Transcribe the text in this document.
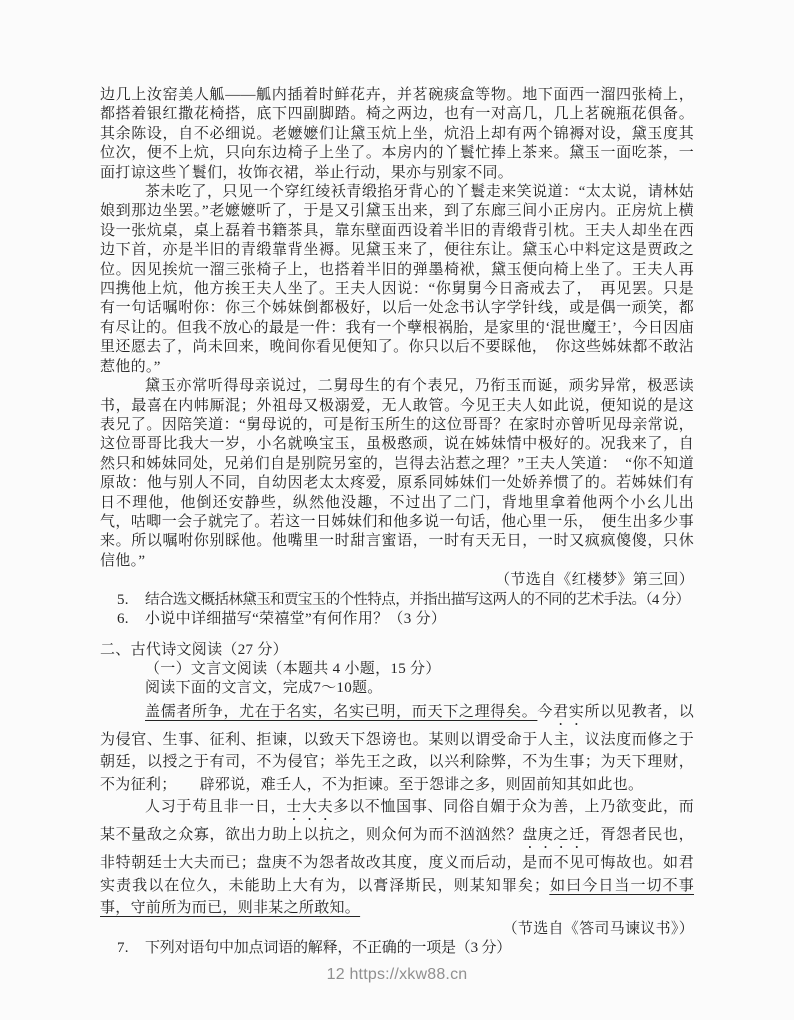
边几上汝窑美人觚——觚内插着时鲜花卉，并茗碗痰盒等物。地下面西一溜四张椅上，都搭着银红撒花椅搭，底下四副脚踏。椅之两边，也有一对高几，几上茗碗瓶花俱备。其余陈设，自不必细说。老嬷嬷们让黛玉炕上坐，炕沿上却有两个锦褥对设，黛玉度其位次，便不上炕，只向东边椅子上坐了。本房内的丫鬟忙捧上茶来。黛玉一面吃茶，一面打谅这些丫鬟们，妆饰衣裙，举止行动，果亦与别家不同。

茶未吃了，只见一个穿红绫袄青缎掐牙背心的丫鬟走来笑说道：“太太说，请林姑娘到那边坐罢。”老嬷嬷听了，于是又引黛玉出来，到了东廊三间小正房内。正房炕上横设一张炕桌，桌上磊着书籍茶具，靠东壁面西设着半旧的青缎背引枕。王夫人却坐在西边下首，亦是半旧的青缎靠背坐褥。见黛玉来了，便往东让。黛玉心中料定这是贾政之位。因见挨炕一溜三张椅子上，也搭着半旧的弹墨椅袱，黛玉便向椅上坐了。王夫人再四携他上炕，他方挨王夫人坐了。王夫人因说：“你舅舅今日斋戒去了，　再见罢。只是有一句话嘱咐你：你三个姊妹倒都极好，以后一处念书认字学针线，或是偶一顽笑，都有尽让的。但我不放心的最是一件：我有一个孽根祸胎，是家里的‘混世魔王’，今日因庙里还愿去了，尚未回来，晚间你看见便知了。你只以后不要睬他，　你这些姊妹都不敢沾惹他的。”

黛玉亦常听得母亲说过，二舅母生的有个表兄，乃衔玉而诞，顽劣异常，极恶读书，最喜在内帏厮混；外祖母又极溺爱，无人敢管。今见王夫人如此说，便知说的是这表兄了。因陪笑道：“舅母说的，可是衔玉所生的这位哥哥？在家时亦曾听见母亲常说，这位哥哥比我大一岁，小名就唤宝玉，虽极憨顽，说在姊妹情中极好的。况我来了，自然只和姊妹同处，兄弟们自是别院另室的，岂得去沾惹之理？”王夫人笑道：　“你不知道原故：他与别人不同，自幼因老太太疼爱，原系同姊妹们一处娇养惯了的。若姊妹们有日不理他，他倒还安静些，纵然他没趣，不过出了二门，背地里拿着他两个小幺儿出气，咕唧一会子就完了。若这一日姊妹们和他多说一句话，他心里一乐，　便生出多少事来。所以嘱咐你别睬他。他嘴里一时甜言蜜语，一时有天无日，一时又疯疯傻傻，只休信他。”

（节选自《红楼梦》第三回）

5.	结合选文概括林黛玉和贾宝玉的个性特点，并指出描写这两人的不同的艺术手法。（4 分）
6.	小说中详细描写“荣禧堂”有何作用？（3 分）

二、古代诗文阅读（27 分）

（一）文言文阅读（本题共 4 小题，15 分）

阅读下面的文言文，完成7～10题。

盖儒者所争，尤在于名实，名实已明，而天下之理得矣。今君实所以见教者，以为侵官、生事、征利、拒谏，以致天下怨谤也。某则以谓受命于人主，议法度而修之于朝廷，以授之于有司，不为侵官；举先王之政，以兴利除弊，不为生事；为天下理财，不为征利；　　辟邪说，难壬人，不为拒谏。至于怨诽之多，则固前知其如此也。

人习于苟且非一日，士大夫多以不恤国事、同俗自媚于众为善，上乃欲变此，而某不量敌之众寡，欲出力助上以抗之，则众何为而不汹汹然？盘庚之迁，胥怨者民也，非特朝廷士大夫而已；盘庚不为怨者故改其度，度义而后动，是而不见可悔故也。如君实责我以在位久，未能助上大有为，以膏泽斯民，则某知罪矣；如曰今日当一切不事事，守前所为而已，则非某之所敢知。

（节选自《答司马谏议书》）

7.	下列对语句中加点词语的解释，不正确的一项是（3 分）
12 https://xkw88.cn
